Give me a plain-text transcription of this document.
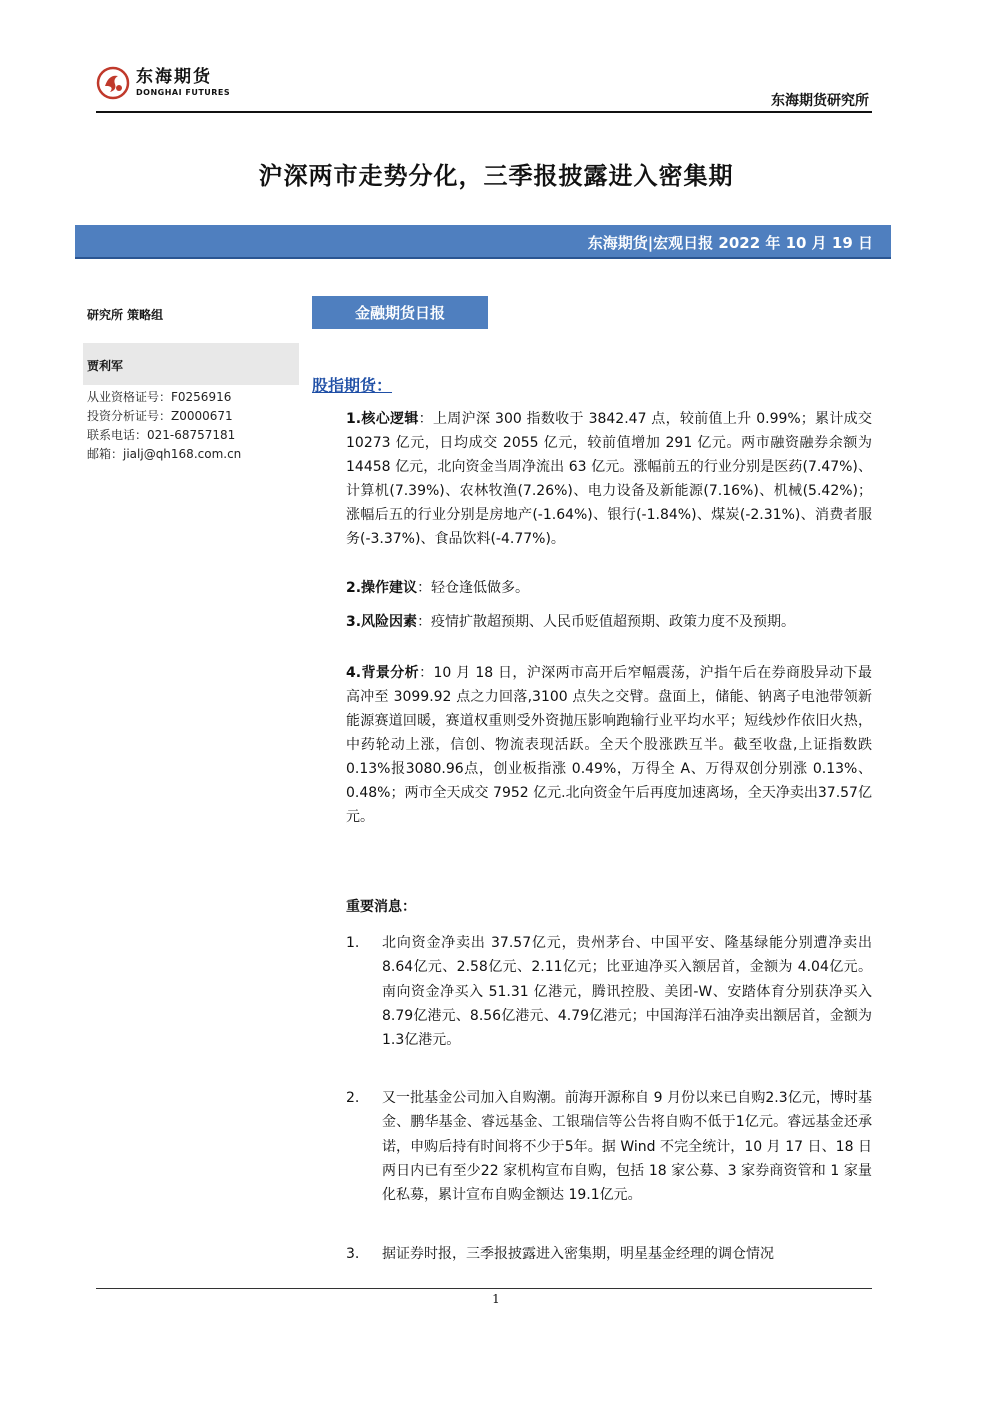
东海期货
DONGHAI FUTURES
东海期货研究所
沪深两市走势分化，三季报披露进入密集期
东海期货|宏观日报 2022 年 10 月 19 日
研究所 策略组
贾利军
从业资格证号：F0256916
投资分析证号：Z0000671
联系电话：021-68757181
邮箱：jialj@qh168.com.cn
金融期货日报
股指期货：
1.核心逻辑：上周沪深 300 指数收于 3842.47 点，较前值上升 0.99%；累计成交 10273 亿元，日均成交 2055 亿元，较前值增加 291 亿元。两市融资融券余额为 14458 亿元，北向资金当周净流出 63 亿元。涨幅前五的行业分别是医药(7.47%)、计算机(7.39%)、农林牧渔(7.26%)、电力设备及新能源(7.16%)、机械(5.42%)；涨幅后五的行业分别是房地产(-1.64%)、银行(-1.84%)、煤炭(-2.31%)、消费者服务(-3.37%)、食品饮料(-4.77%)。
2.操作建议：轻仓逢低做多。
3.风险因素：疫情扩散超预期、人民币贬值超预期、政策力度不及预期。
4.背景分析：10 月 18 日，沪深两市高开后窄幅震荡，沪指午后在券商股异动下最高冲至 3099.92 点之力回落,3100 点失之交臂。盘面上，储能、钠离子电池带领新能源赛道回暖，赛道权重则受外资抛压影响跑输行业平均水平；短线炒作依旧火热，中药轮动上涨，信创、物流表现活跃。全天个股涨跌互半。截至收盘,上证指数跌 0.13%报3080.96点，创业板指涨 0.49%，万得全 A、万得双创分别涨 0.13%、0.48%；两市全天成交 7952 亿元.北向资金午后再度加速离场，全天净卖出37.57亿元。
重要消息：
1.	北向资金净卖出 37.57亿元，贵州茅台、中国平安、隆基绿能分别遭净卖出 8.64亿元、2.58亿元、2.11亿元；比亚迪净买入额居首，金额为 4.04亿元。南向资金净买入 51.31 亿港元，腾讯控股、美团-W、安踏体育分别获净买入 8.79亿港元、8.56亿港元、4.79亿港元；中国海洋石油净卖出额居首，金额为 1.3亿港元。
2.	又一批基金公司加入自购潮。前海开源称自 9 月份以来已自购2.3亿元，博时基金、鹏华基金、睿远基金、工银瑞信等公告将自购不低于1亿元。睿远基金还承诺，申购后持有时间将不少于5年。据 Wind 不完全统计，10 月 17 日、18 日两日内已有至少22 家机构宣布自购，包括 18 家公募、3 家券商资管和 1 家量化私募，累计宣布自购金额达 19.1亿元。
3.	据证券时报，三季报披露进入密集期，明星基金经理的调仓情况
1
